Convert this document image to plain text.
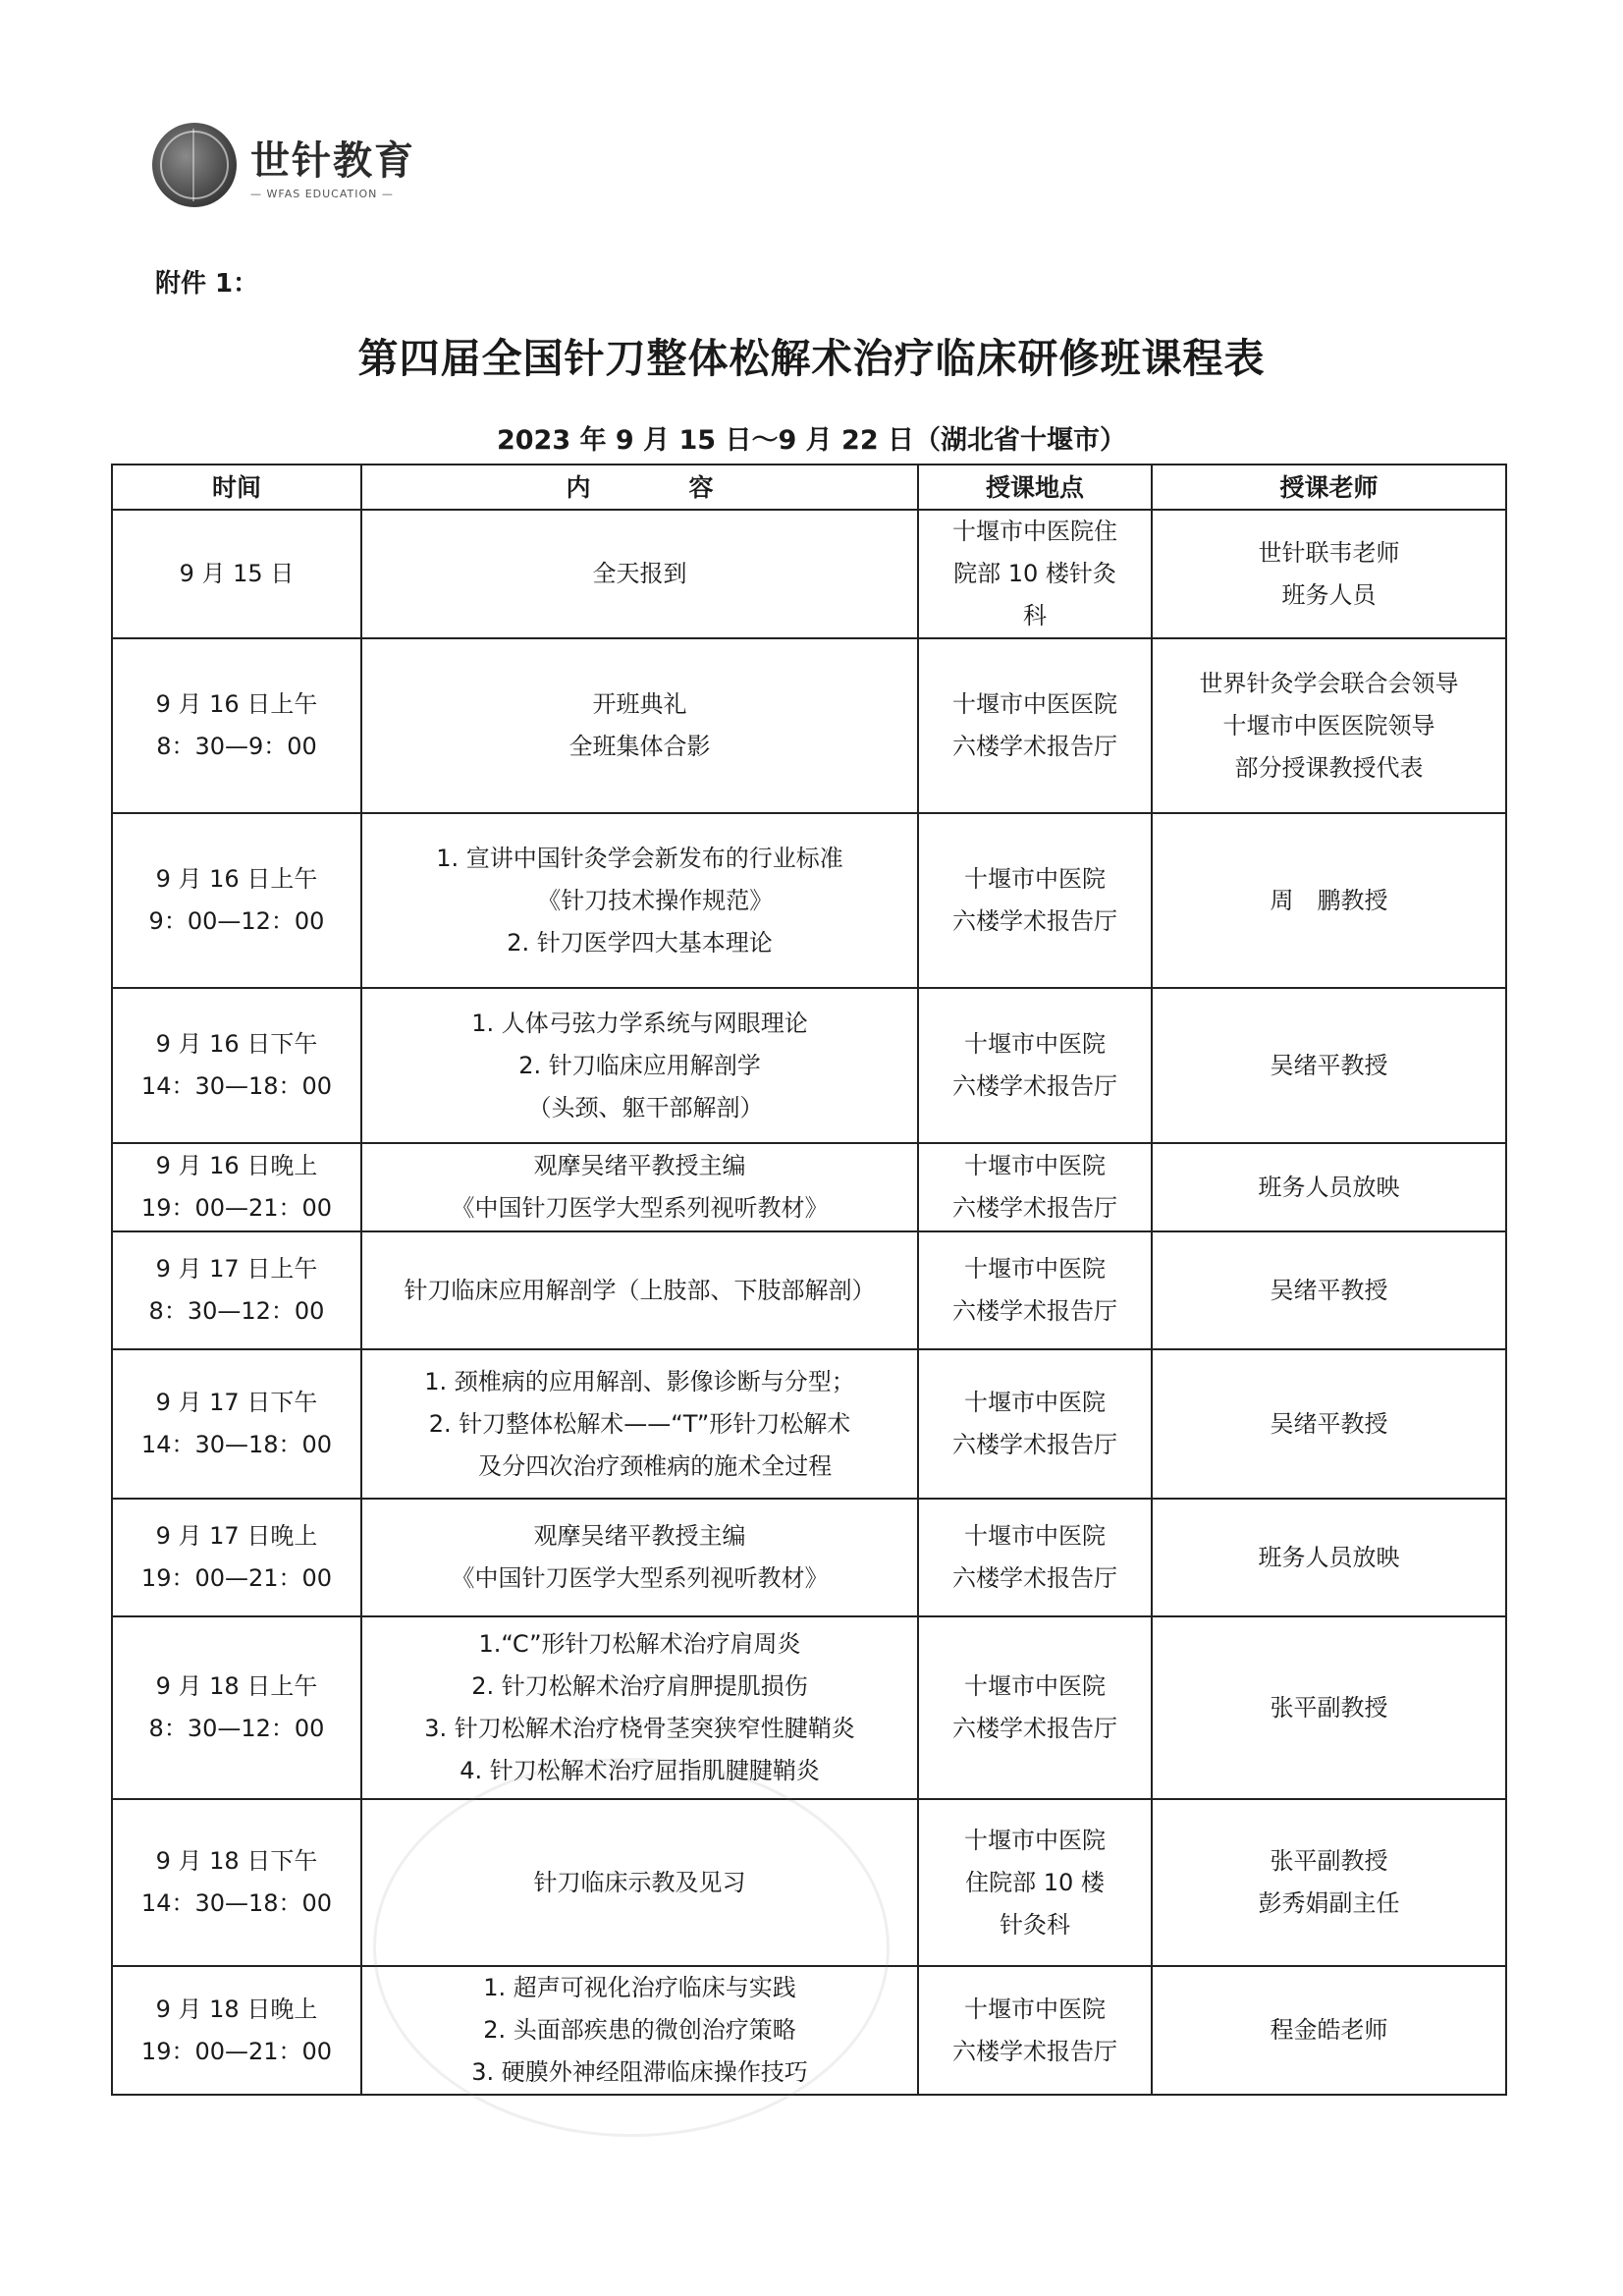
世针教育
— WFAS EDUCATION —
附件 1：
第四届全国针刀整体松解术治疗临床研修班课程表
2023 年 9 月 15 日～9 月 22 日（湖北省十堰市）
时间	内　　　　容	授课地点	授课老师

9 月 15 日	全天报到	十堰市中医院住
院部 10 楼针灸
科	世针联韦老师
班务人员

9 月 16 日上午
8：30—9：00	开班典礼
全班集体合影	十堰市中医医院
六楼学术报告厅	世界针灸学会联合会领导
十堰市中医医院领导
部分授课教授代表

9 月 16 日上午
9：00—12：00	1. 宣讲中国针灸学会新发布的行业标准
　 《针刀技术操作规范》
2. 针刀医学四大基本理论	十堰市中医院
六楼学术报告厅	周　鹏教授

9 月 16 日下午
14：30—18：00	1. 人体弓弦力学系统与网眼理论
2. 针刀临床应用解剖学
　（头颈、躯干部解剖）	十堰市中医院
六楼学术报告厅	吴绪平教授

9 月 16 日晚上
19：00—21：00	观摩吴绪平教授主编
《中国针刀医学大型系列视听教材》	十堰市中医院
六楼学术报告厅	班务人员放映

9 月 17 日上午
8：30—12：00	针刀临床应用解剖学（上肢部、下肢部解剖）	十堰市中医院
六楼学术报告厅	吴绪平教授

9 月 17 日下午
14：30—18：00	1. 颈椎病的应用解剖、影像诊断与分型；
2. 针刀整体松解术——“T”形针刀松解术
　 及分四次治疗颈椎病的施术全过程	十堰市中医院
六楼学术报告厅	吴绪平教授

9 月 17 日晚上
19：00—21：00	观摩吴绪平教授主编
《中国针刀医学大型系列视听教材》	十堰市中医院
六楼学术报告厅	班务人员放映

9 月 18 日上午
8：30—12：00	1.“C”形针刀松解术治疗肩周炎
2. 针刀松解术治疗肩胛提肌损伤
3. 针刀松解术治疗桡骨茎突狭窄性腱鞘炎
4. 针刀松解术治疗屈指肌腱腱鞘炎	十堰市中医院
六楼学术报告厅	张平副教授

9 月 18 日下午
14：30—18：00	针刀临床示教及见习	十堰市中医院
住院部 10 楼
针灸科	张平副教授
彭秀娟副主任

9 月 18 日晚上
19：00—21：00	1. 超声可视化治疗临床与实践
2. 头面部疾患的微创治疗策略
3. 硬膜外神经阻滞临床操作技巧	十堰市中医院
六楼学术报告厅	程金皓老师
